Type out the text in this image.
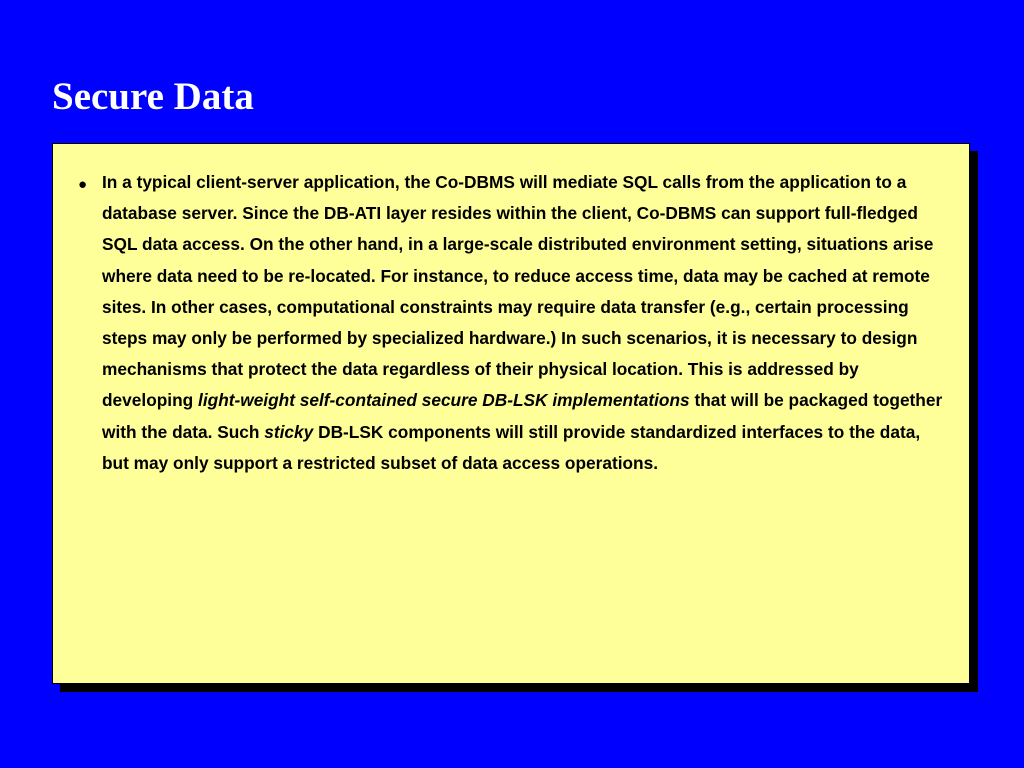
Secure Data
● In a typical client-server application, the Co-DBMS will mediate SQL calls from the application to a database server. Since the DB-ATI layer resides within the client, Co-DBMS can support full-fledged SQL data access. On the other hand, in a large-scale distributed environment setting, situations arise where data need to be re-located. For instance, to reduce access time, data may be cached at remote sites. In other cases, computational constraints may require data transfer (e.g., certain processing steps may only be performed by specialized hardware.) In such scenarios, it is necessary to design mechanisms that protect the data regardless of their physical location. This is addressed by developing light-weight self-contained secure DB-LSK implementations that will be packaged together with the data. Such sticky DB-LSK components will still provide standardized interfaces to the data, but may only support a restricted subset of data access operations.
